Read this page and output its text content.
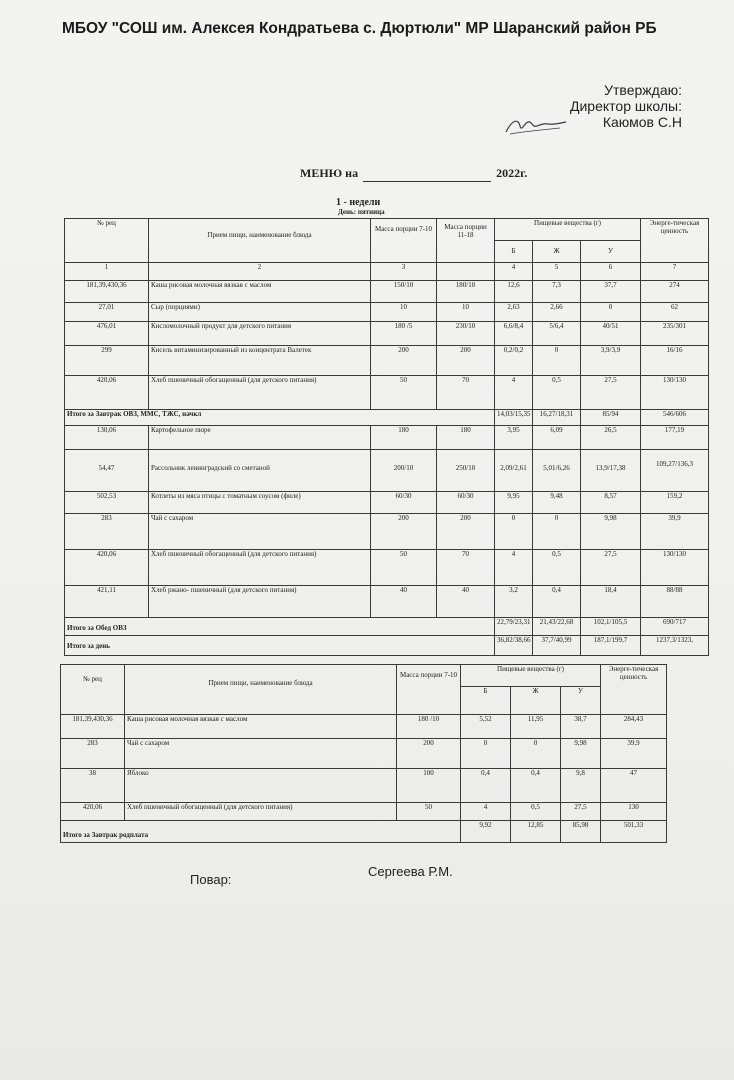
МБОУ "СОШ им. Алексея Кондратьева с. Дюртюли" МР Шаранский район РБ
Утверждаю:
Директор школы:
Каюмов С.Н
МЕНЮ на	2022г.
1 - недели
День: пятница
№ рец	Прием пищи, наименование блюда	Масса порции 7-10	Масса порции 11-18	Пищевые вещества (г)			Энерге-тическая ценность
				Б	Ж	У	
1	2	3		4	5	6	7
181,39,430,36	Каша рисовая молочная вязкая с маслом	150/10	180/10	12,6	7,3	37,7	274
27,01	Сыр (порциями)	10	10	2,63	2,66	0	62
476,01	Кисломолочный продукт для детского питания	180 /5	230/10	6,6/8,4	5/6,4	40/51	235/301
299	Кисель витаминизированный из концентрата Валетек	200	200	0,2/0,2	0	3,9/3,9	16/16
420,06	Хлеб пшеничный обогащенный (для детского питания)	50	70	4	0,5	27,5	130/130
Итого за Завтрак ОВЗ, ММС, ТЖС, начкл				14,03/15,35	16,27/18,31	85/94	546/606
130,06	Картофельное пюре	180	180	3,95	6,09	26,5	177,19
54,47	Рассольник ленинградский со сметаной	200/10	250/10	2,09/2,61	5,01/6,26	13,9/17,38	109,27/136,3
502,53	Котлеты из мяса птицы с томатным соусом (филе)	60/30	60/30	9,95	9,48	8,57	159,2
283	Чай с сахаром	200	200	0	0	9,98	39,9
420,06	Хлеб пшеничный обогащенный (для детского питания)	50	70	4	0,5	27,5	130/130
421,11	Хлеб ржано- пшеничный (для детского питания)	40	40	3,2	0,4	18,4	88/88
Итого за Обед ОВЗ				22,79/23,31	21,43/22,68	102,1/105,5	690/717
Итого за день				36,82/38,66	37,7/40,99	187,1/199,7	1237,3/1323,
№ рец	Прием пищи, наименование блюда	Масса порции 7-10	Пищевые вещества (г)			Энерге-тическая ценность
			Б	Ж	У	
181,39,430,36	Каша рисовая молочная вязкая с маслом	180 /10	5,52	11,95	38,7	284,43
283	Чай с сахаром	200	0	0	9,98	39,9
38	Яблоко	100	0,4	0,4	9,8	47
420,06	Хлеб пшеничный обогащенный (для детского питания)	50	4	0,5	27,5	130
Итого за Завтрак родплата			9,92	12,85	85,98	501,33
Повар:
Сергеева Р.М.
